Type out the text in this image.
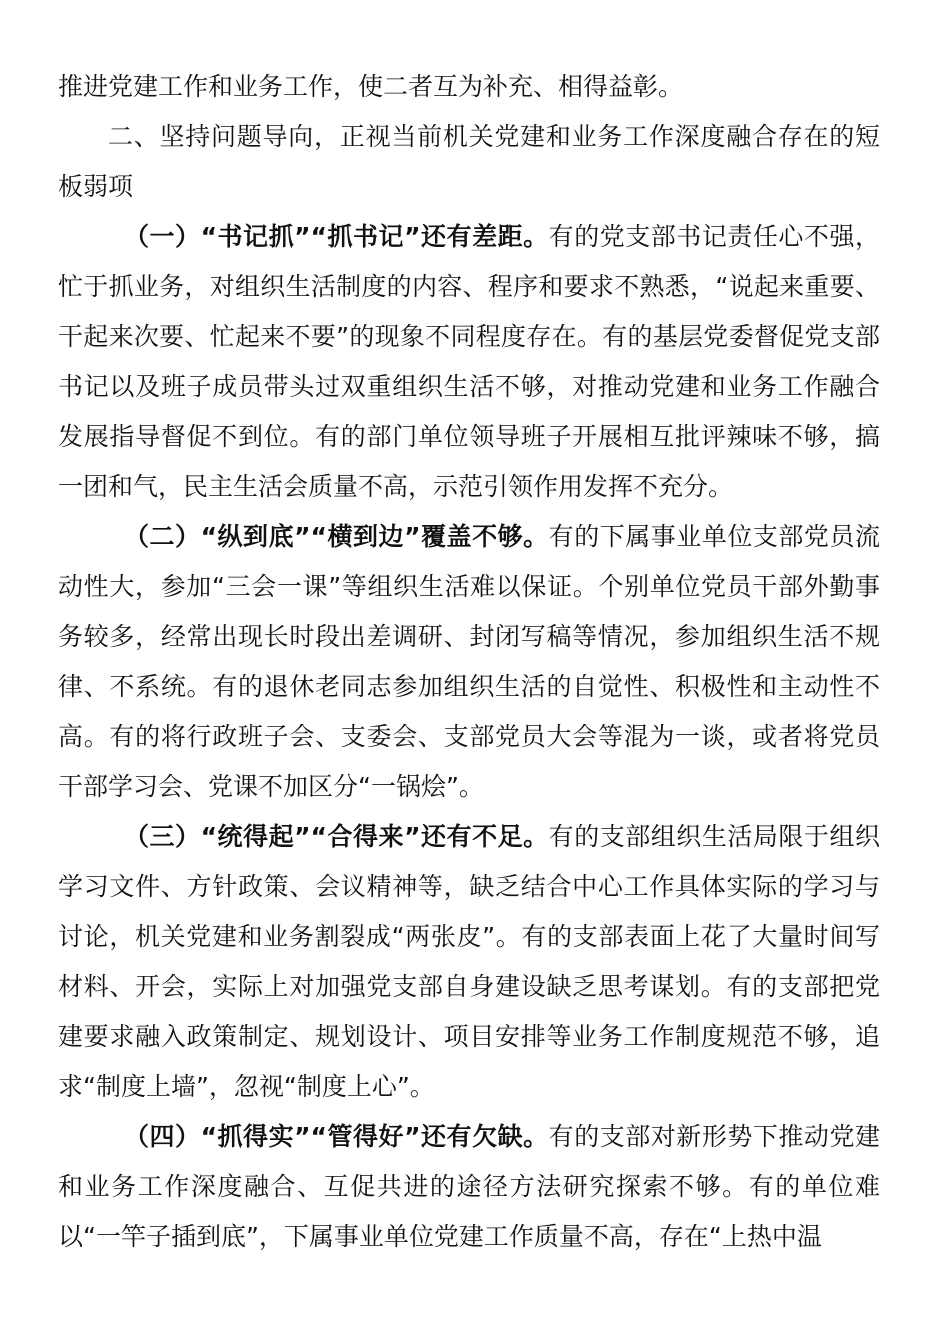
推进党建工作和业务工作，使二者互为补充、相得益彰。

二、坚持问题导向，正视当前机关党建和业务工作深度融合存在的短板弱项

（一）“书记抓”“抓书记”还有差距。有的党支部书记责任心不强，忙于抓业务，对组织生活制度的内容、程序和要求不熟悉，“说起来重要、干起来次要、忙起来不要”的现象不同程度存在。有的基层党委督促党支部书记以及班子成员带头过双重组织生活不够，对推动党建和业务工作融合发展指导督促不到位。有的部门单位领导班子开展相互批评辣味不够，搞一团和气，民主生活会质量不高，示范引领作用发挥不充分。

（二）“纵到底”“横到边”覆盖不够。有的下属事业单位支部党员流动性大，参加“三会一课”等组织生活难以保证。个别单位党员干部外勤事务较多，经常出现长时段出差调研、封闭写稿等情况，参加组织生活不规律、不系统。有的退休老同志参加组织生活的自觉性、积极性和主动性不高。有的将行政班子会、支委会、支部党员大会等混为一谈，或者将党员干部学习会、党课不加区分“一锅烩”。

（三）“统得起”“合得来”还有不足。有的支部组织生活局限于组织学习文件、方针政策、会议精神等，缺乏结合中心工作具体实际的学习与讨论，机关党建和业务割裂成“两张皮”。有的支部表面上花了大量时间写材料、开会，实际上对加强党支部自身建设缺乏思考谋划。有的支部把党建要求融入政策制定、规划设计、项目安排等业务工作制度规范不够，追求“制度上墙”，忽视“制度上心”。

（四）“抓得实”“管得好”还有欠缺。有的支部对新形势下推动党建和业务工作深度融合、互促共进的途径方法研究探索不够。有的单位难以“一竿子插到底”，下属事业单位党建工作质量不高，存在“上热中温
